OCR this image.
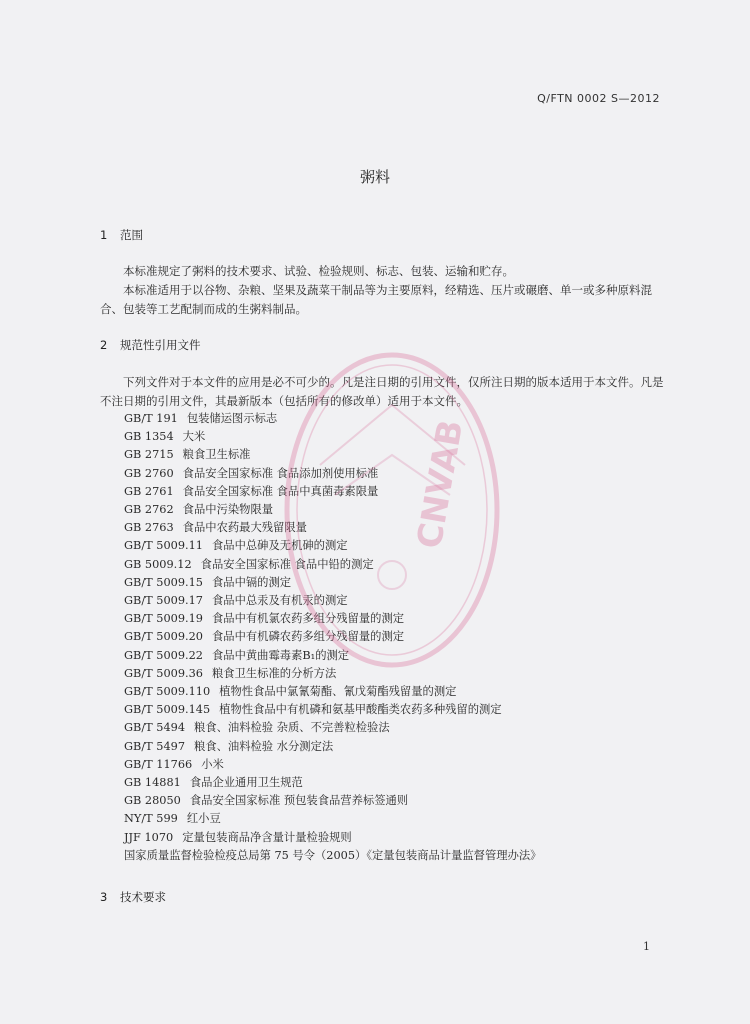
Q/FTN 0002 S—2012
粥料
1 范围

本标准规定了粥料的技术要求、试验、检验规则、标志、包装、运输和贮存。

本标准适用于以谷物、杂粮、坚果及蔬菜干制品等为主要原料，经精选、压片或碾磨、单一或多种原料混合、包装等工艺配制而成的生粥料制品。

2 规范性引用文件

下列文件对于本文件的应用是必不可少的。凡是注日期的引用文件，仅所注日期的版本适用于本文件。凡是不注日期的引用文件，其最新版本（包括所有的修改单）适用于本文件。

GB/T 191 包装储运图示标志
GB 1354 大米
GB 2715 粮食卫生标准
GB 2760 食品安全国家标准 食品添加剂使用标准
GB 2761 食品安全国家标准 食品中真菌毒素限量
GB 2762 食品中污染物限量
GB 2763 食品中农药最大残留限量
GB/T 5009.11 食品中总砷及无机砷的测定
GB 5009.12 食品安全国家标准 食品中铅的测定
GB/T 5009.15 食品中镉的测定
GB/T 5009.17 食品中总汞及有机汞的测定
GB/T 5009.19 食品中有机氯农药多组分残留量的测定
GB/T 5009.20 食品中有机磷农药多组分残留量的测定
GB/T 5009.22 食品中黄曲霉毒素B₁的测定
GB/T 5009.36 粮食卫生标准的分析方法
GB/T 5009.110 植物性食品中氯氰菊酯、氰戊菊酯残留量的测定
GB/T 5009.145 植物性食品中有机磷和氨基甲酸酯类农药多种残留的测定
GB/T 5494 粮食、油料检验 杂质、不完善粒检验法
GB/T 5497 粮食、油料检验 水分测定法
GB/T 11766 小米
GB 14881 食品企业通用卫生规范
GB 28050 食品安全国家标准 预包装食品营养标签通则
NY/T 599 红小豆
JJF 1070 定量包装商品净含量计量检验规则
国家质量监督检验检疫总局第 75 号令（2005）《定量包装商品计量监督管理办法》
3 技术要求
1
CNVAB
